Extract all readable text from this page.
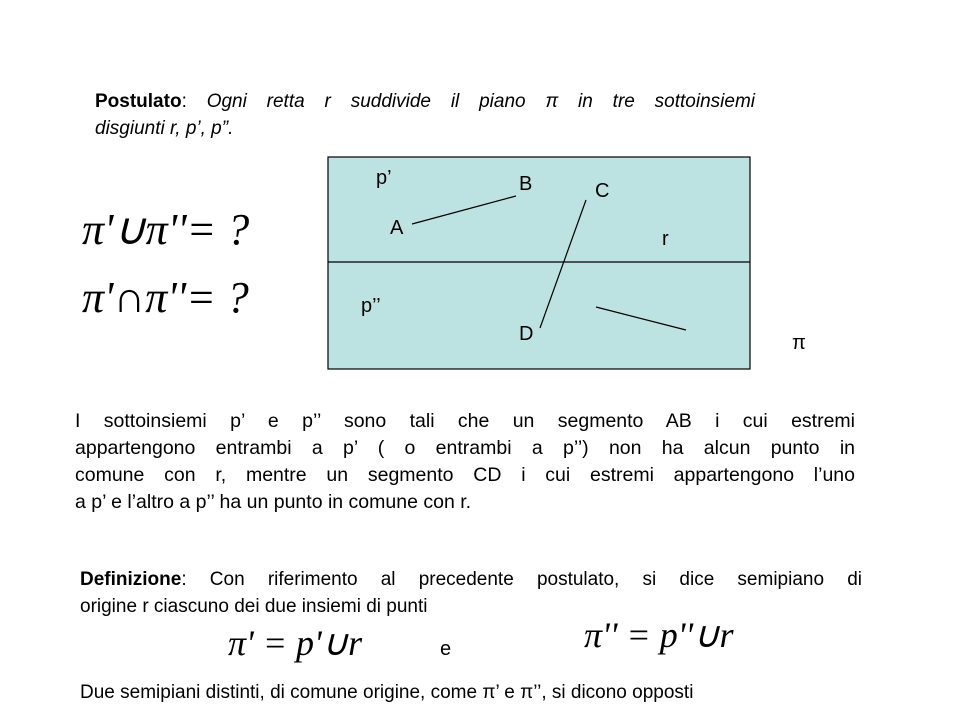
Postulato: Ogni retta r suddivide il piano π in tre sottoinsiemi
disgiunti r, p’, p”.
p’	B	C
A	r
p’’
D	π
π'∪π''= ?
π'∩π''= ?
I sottoinsiemi p’ e p’’ sono tali che un segmento AB i cui estremi
appartengono entrambi a p’ ( o entrambi a p’’) non ha alcun punto in
comune con r, mentre un segmento CD i cui estremi appartengono l’uno
a p’ e l’altro a p’’ ha un punto in comune con r.
Definizione: Con riferimento al precedente postulato, si dice semipiano di
origine r ciascuno dei due insiemi di punti
π' = p'∪r	e	π'' = p''∪r
Due semipiani distinti, di comune origine, come π’ e π’’, si dicono opposti
